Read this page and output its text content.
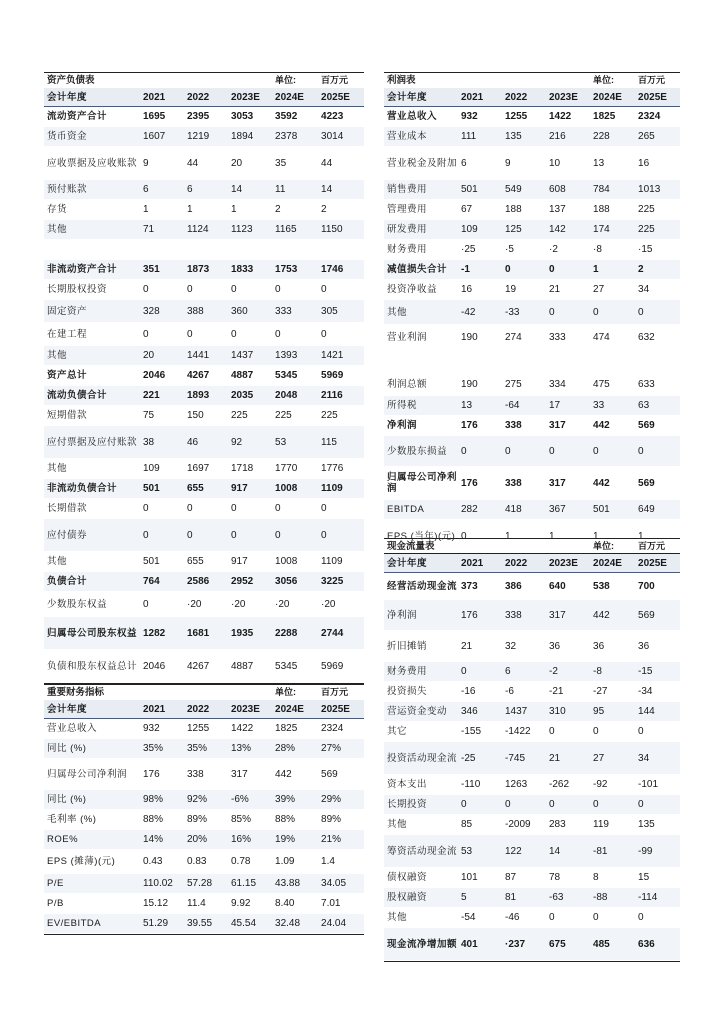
资产负债表				单位:	百万元
会计年度	2021	2022	2023E	2024E	2025E
流动资产合计	1695	2395	3053	3592	4223
货币资金	1607	1219	1894	2378	3014
应收票据及应收账款	9	44	20	35	44
预付账款	6	6	14	11	14
存货	1	1	1	2	2
其他	71	1124	1123	1165	1150

非流动资产合计	351	1873	1833	1753	1746
长期股权投资	0	0	0	0	0
固定资产	328	388	360	333	305
在建工程	0	0	0	0	0
其他	20	1441	1437	1393	1421
资产总计	2046	4267	4887	5345	5969
流动负债合计	221	1893	2035	2048	2116
短期借款	75	150	225	225	225
应付票据及应付账款	38	46	92	53	115
其他	109	1697	1718	1770	1776
非流动负债合计	501	655	917	1008	1109
长期借款	0	0	0	0	0
应付债券	0	0	0	0	0
其他	501	655	917	1008	1109
负债合计	764	2586	2952	3056	3225
少数股东权益	0	·20	·20	·20	·20
归属母公司股东权益	1282	1681	1935	2288	2744
负债和股东权益总计	2046	4267	4887	5345	5969
重要财务指标				单位:	百万元
会计年度	2021	2022	2023E	2024E	2025E
营业总收入	932	1255	1422	1825	2324
同比 (%)	35%	35%	13%	28%	27%
归属母公司净利润	176	338	317	442	569
同比 (%)	98%	92%	-6%	39%	29%
毛利率 (%)	88%	89%	85%	88%	89%
ROE%	14%	20%	16%	19%	21%
EPS (摊薄)(元)	0.43	0.83	0.78	1.09	1.4
P/E	110.02	57.28	61.15	43.88	34.05
P/B	15.12	11.4	9.92	8.40	7.01
EV/EBITDA	51.29	39.55	45.54	32.48	24.04
利润表				单位:	百万元
会计年度	2021	2022	2023E	2024E	2025E
营业总收入	932	1255	1422	1825	2324
营业成本	111	135	216	228	265
营业税金及附加	6	9	10	13	16
销售费用	501	549	608	784	1013
管理费用	67	188	137	188	225
研发费用	109	125	142	174	225
财务费用	·25	·5	·2	·8	·15
减值损失合计	-1	0	0	1	2
投资净收益	16	19	21	27	34
其他	-42	-33	0	0	0
营业利润	190	274	333	474	632

利润总额	190	275	334	475	633
所得税	13	-64	17	33	63
净利润	176	338	317	442	569
少数股东损益	0	0	0	0	0
归属母公司净利润	176	338	317	442	569
EBITDA	282	418	367	501	649
EPS (当年)(元)	0	1	1	1	1
现金流量表				单位:	百万元
会计年度	2021	2022	2023E	2024E	2025E
经营活动现金流	373	386	640	538	700
净利润	176	338	317	442	569
折旧摊销	21	32	36	36	36
财务费用	0	6	-2	-8	-15
投资损失	-16	-6	-21	-27	-34
营运资金变动	346	1437	310	95	144
其它	-155	-1422	0	0	0
投资活动现金流	-25	-745	21	27	34
资本支出	-110	1263	-262	-92	-101
长期投资	0	0	0	0	0
其他	85	-2009	283	119	135
筹资活动现金流	53	122	14	-81	-99
债权融资	101	87	78	8	15
股权融资	5	81	-63	-88	-114
其他	-54	-46	0	0	0
现金流净增加额	401	·237	675	485	636
